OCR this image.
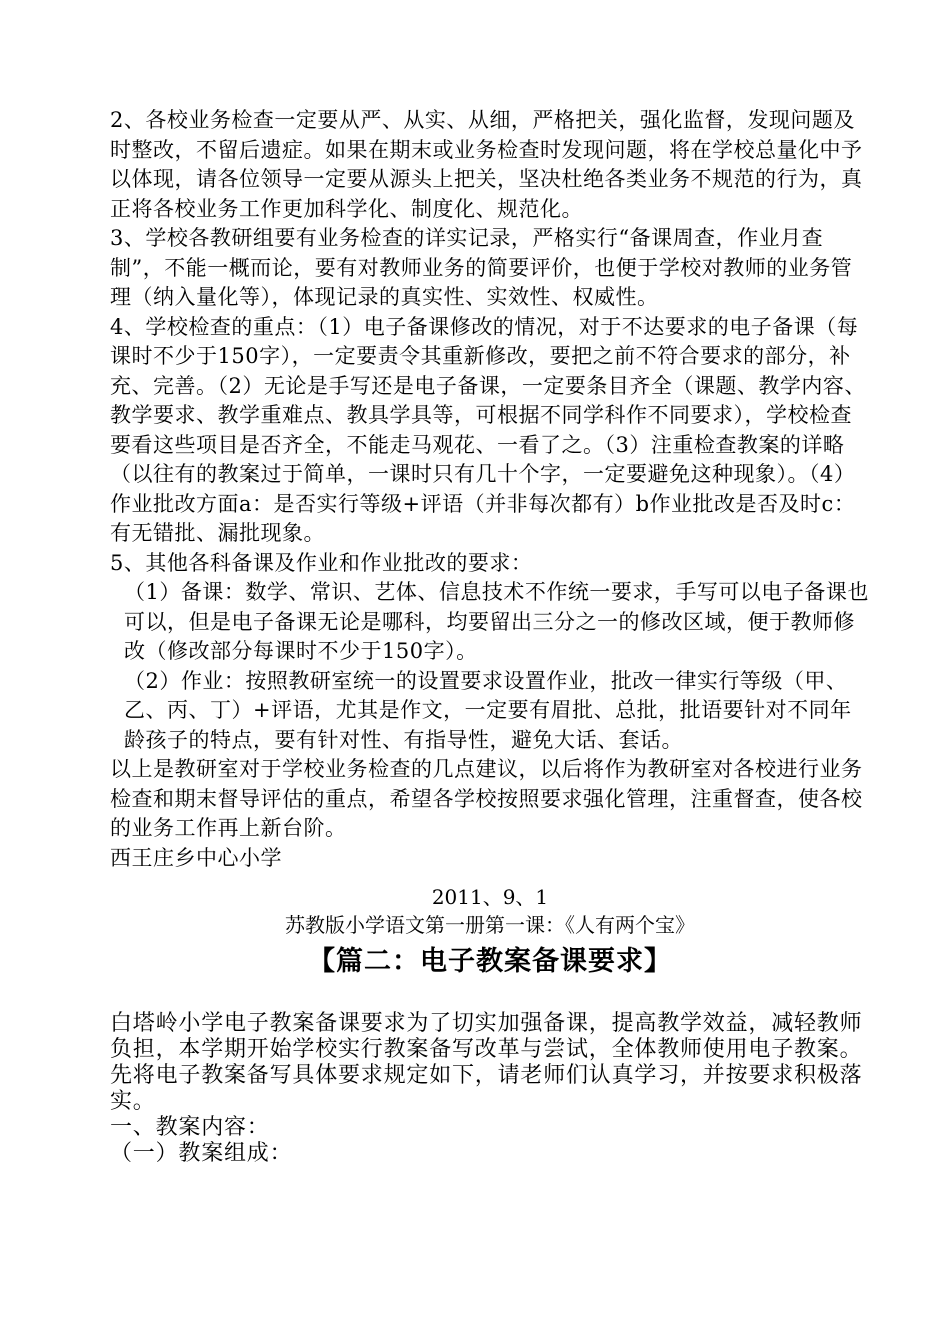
2、各校业务检查一定要从严、从实、从细，严格把关，强化监督，发现问题及时整改，不留后遗症。如果在期末或业务检查时发现问题，将在学校总量化中予以体现，请各位领导一定要从源头上把关，坚决杜绝各类业务不规范的行为，真正将各校业务工作更加科学化、制度化、规范化。

3、学校各教研组要有业务检查的详实记录，严格实行“备课周查，作业月查制”，不能一概而论，要有对教师业务的简要评价，也便于学校对教师的业务管理（纳入量化等），体现记录的真实性、实效性、权威性。

4、学校检查的重点：（1）电子备课修改的情况，对于不达要求的电子备课（每课时不少于150字），一定要责令其重新修改，要把之前不符合要求的部分，补充、完善。（2）无论是手写还是电子备课，一定要条目齐全（课题、教学内容、教学要求、教学重难点、教具学具等，可根据不同学科作不同要求），学校检查要看这些项目是否齐全，不能走马观花、一看了之。（3）注重检查教案的详略（以往有的教案过于简单，一课时只有几十个字，一定要避免这种现象）。（4）作业批改方面a：是否实行等级+评语（并非每次都有）b作业批改是否及时c：有无错批、漏批现象。

5、其他各科备课及作业和作业批改的要求：

（1）备课：数学、常识、艺体、信息技术不作统一要求，手写可以电子备课也可以，但是电子备课无论是哪科，均要留出三分之一的修改区域，便于教师修改（修改部分每课时不少于150字）。

（2）作业：按照教研室统一的设置要求设置作业，批改一律实行等级（甲、乙、丙、丁）+评语，尤其是作文，一定要有眉批、总批，批语要针对不同年龄孩子的特点，要有针对性、有指导性，避免大话、套话。

以上是教研室对于学校业务检查的几点建议，以后将作为教研室对各校进行业务检查和期末督导评估的重点，希望各学校按照要求强化管理，注重督查，使各校的业务工作再上新台阶。

西王庄乡中心小学

2011、9、1

苏教版小学语文第一册第一课：《人有两个宝》

【篇二：电子教案备课要求】

白塔岭小学电子教案备课要求为了切实加强备课，提高教学效益，减轻教师负担，本学期开始学校实行教案备写改革与尝试，全体教师使用电子教案。先将电子教案备写具体要求规定如下，请老师们认真学习，并按要求积极落实。

一、教案内容：

（一）教案组成：
